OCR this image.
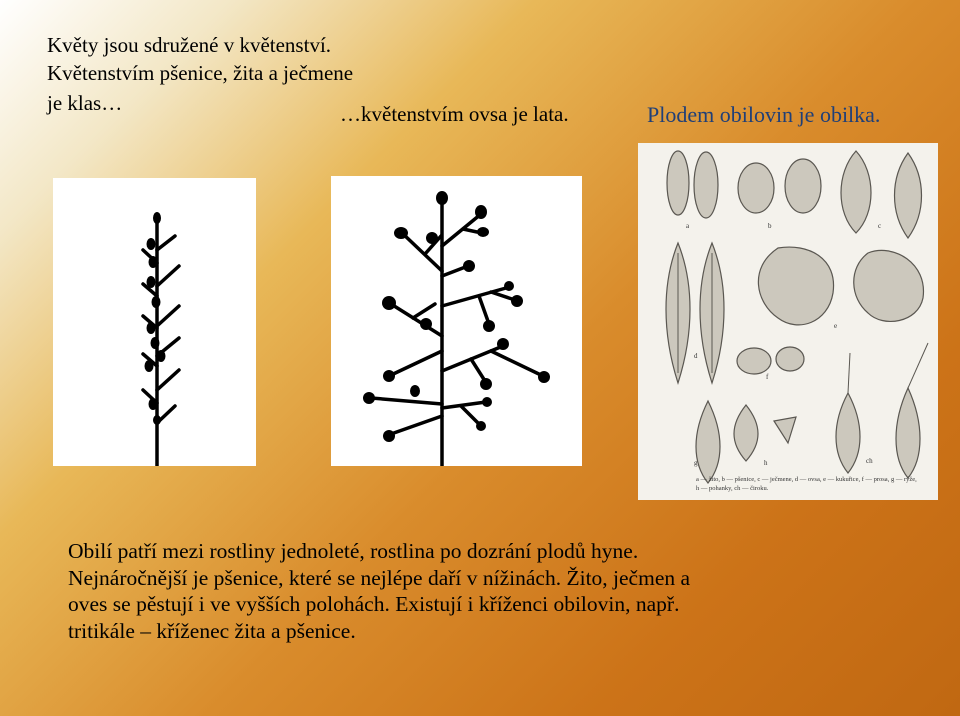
Květy jsou sdružené v květenství.

Květenstvím pšenice, žita a ječmene

je klas…	…květenstvím ovsa je lata.	Plodem obilovin je obilka.

a	b	c
d
e
f
g	h	ch
a — žito, b — pšenice, c — ječmene, d — ovsa, e — kukuřice, f — prosa, g — rýže,
h — pohanky, ch — čiroku.
Obilí patří mezi rostliny jednoleté, rostlina po dozrání plodů hyne.
Nejnáročnější je pšenice, které se nejlépe daří v nížinách. Žito, ječmen a
oves se pěstují i ve vyšších polohách. Existují i kříženci obilovin, např.
tritikále – kříženec žita a pšenice.
